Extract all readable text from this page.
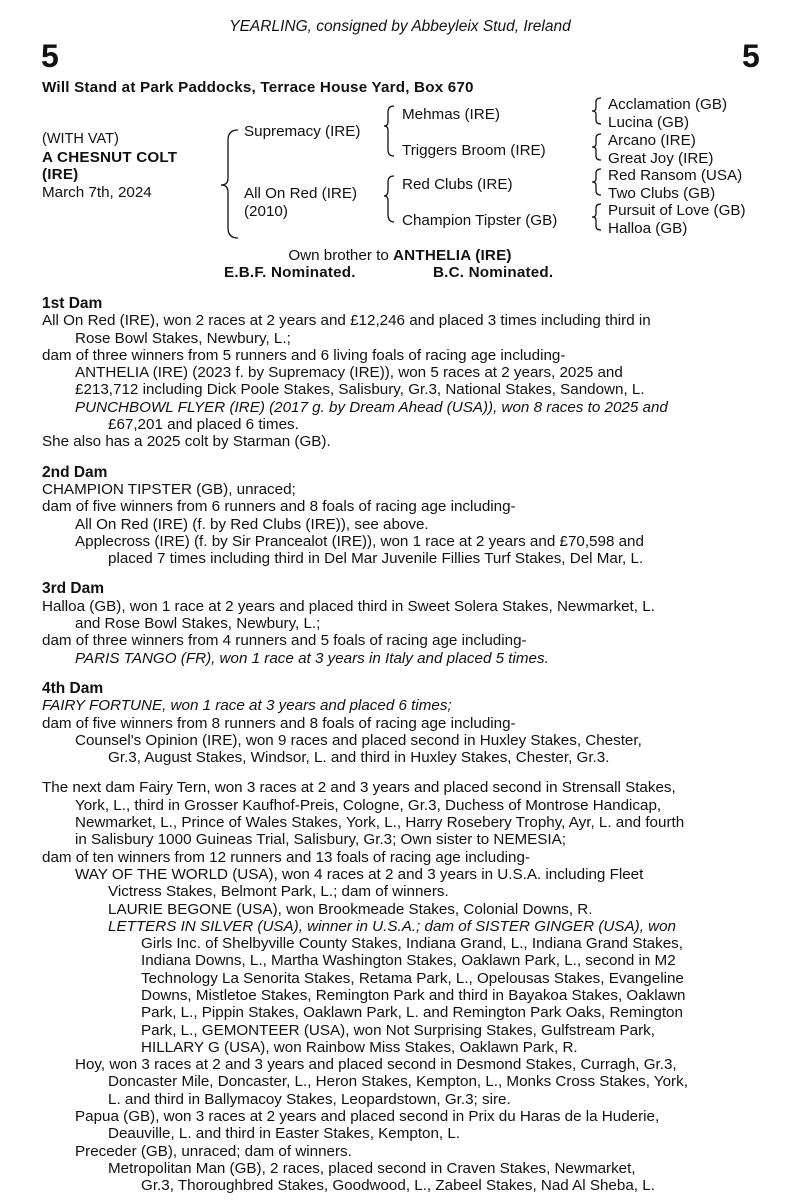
YEARLING, consigned by Abbeyleix Stud, Ireland
5	5
Will Stand at Park Paddocks, Terrace House Yard, Box 670
(WITH VAT)
A CHESNUT COLT
(IRE)
March 7th, 2024
Supremacy (IRE)
All On Red (IRE)
(2010)
Mehmas (IRE)
Triggers Broom (IRE)
Red Clubs (IRE)
Champion Tipster (GB)
Acclamation (GB)
Lucina (GB)
Arcano (IRE)
Great Joy (IRE)
Red Ransom (USA)
Two Clubs (GB)
Pursuit of Love (GB)
Halloa (GB)
Own brother to ANTHELIA (IRE)
E.B.F. Nominated.	B.C. Nominated.
1st Dam
All On Red (IRE), won 2 races at 2 years and £12,246 and placed 3 times including third in
Rose Bowl Stakes, Newbury, L.;
dam of three winners from 5 runners and 6 living foals of racing age including-
ANTHELIA (IRE) (2023 f. by Supremacy (IRE)), won 5 races at 2 years, 2025 and
£213,712 including Dick Poole Stakes, Salisbury, Gr.3, National Stakes, Sandown, L.
PUNCHBOWL FLYER (IRE) (2017 g. by Dream Ahead (USA)), won 8 races to 2025 and
£67,201 and placed 6 times.
She also has a 2025 colt by Starman (GB).
2nd Dam
CHAMPION TIPSTER (GB), unraced;
dam of five winners from 6 runners and 8 foals of racing age including-
All On Red (IRE) (f. by Red Clubs (IRE)), see above.
Applecross (IRE) (f. by Sir Prancealot (IRE)), won 1 race at 2 years and £70,598 and
placed 7 times including third in Del Mar Juvenile Fillies Turf Stakes, Del Mar, L.
3rd Dam
Halloa (GB), won 1 race at 2 years and placed third in Sweet Solera Stakes, Newmarket, L.
and Rose Bowl Stakes, Newbury, L.;
dam of three winners from 4 runners and 5 foals of racing age including-
PARIS TANGO (FR), won 1 race at 3 years in Italy and placed 5 times.
4th Dam
FAIRY FORTUNE, won 1 race at 3 years and placed 6 times;
dam of five winners from 8 runners and 8 foals of racing age including-
Counsel's Opinion (IRE), won 9 races and placed second in Huxley Stakes, Chester,
Gr.3, August Stakes, Windsor, L. and third in Huxley Stakes, Chester, Gr.3.
The next dam Fairy Tern, won 3 races at 2 and 3 years and placed second in Strensall Stakes,
York, L., third in Grosser Kaufhof-Preis, Cologne, Gr.3, Duchess of Montrose Handicap,
Newmarket, L., Prince of Wales Stakes, York, L., Harry Rosebery Trophy, Ayr, L. and fourth
in Salisbury 1000 Guineas Trial, Salisbury, Gr.3; Own sister to NEMESIA;
dam of ten winners from 12 runners and 13 foals of racing age including-
WAY OF THE WORLD (USA), won 4 races at 2 and 3 years in U.S.A. including Fleet
Victress Stakes, Belmont Park, L.; dam of winners.
LAURIE BEGONE (USA), won Brookmeade Stakes, Colonial Downs, R.
LETTERS IN SILVER (USA), winner in U.S.A.; dam of SISTER GINGER (USA), won
Girls Inc. of Shelbyville County Stakes, Indiana Grand, L., Indiana Grand Stakes,
Indiana Downs, L., Martha Washington Stakes, Oaklawn Park, L., second in M2
Technology La Senorita Stakes, Retama Park, L., Opelousas Stakes, Evangeline
Downs, Mistletoe Stakes, Remington Park and third in Bayakoa Stakes, Oaklawn
Park, L., Pippin Stakes, Oaklawn Park, L. and Remington Park Oaks, Remington
Park, L., GEMONTEER (USA), won Not Surprising Stakes, Gulfstream Park,
HILLARY G (USA), won Rainbow Miss Stakes, Oaklawn Park, R.
Hoy, won 3 races at 2 and 3 years and placed second in Desmond Stakes, Curragh, Gr.3,
Doncaster Mile, Doncaster, L., Heron Stakes, Kempton, L., Monks Cross Stakes, York,
L. and third in Ballymacoy Stakes, Leopardstown, Gr.3; sire.
Papua (GB), won 3 races at 2 years and placed second in Prix du Haras de la Huderie,
Deauville, L. and third in Easter Stakes, Kempton, L.
Preceder (GB), unraced; dam of winners.
Metropolitan Man (GB), 2 races, placed second in Craven Stakes, Newmarket,
Gr.3, Thoroughbred Stakes, Goodwood, L., Zabeel Stakes, Nad Al Sheba, L.
